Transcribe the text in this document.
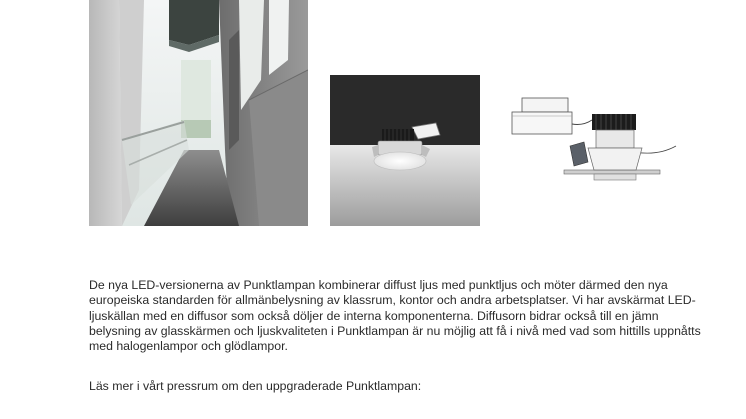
De nya LED-versionerna av Punktlampan kombinerar diffust ljus med punktljus och möter därmed den nya europeiska standarden för allmänbelysning av klassrum, kontor och andra arbetsplatser. Vi har avskärmat LED-ljuskällan med en diffusor som också döljer de interna komponenterna. Diffusorn bidrar också till en jämn belysning av glasskärmen och ljuskvaliteten i Punktlampan är nu möjlig att få i nivå med vad som hittills uppnåtts med halogenlampor och glödlampor.
Läs mer i vårt pressrum om den uppgraderade Punktlampan:
